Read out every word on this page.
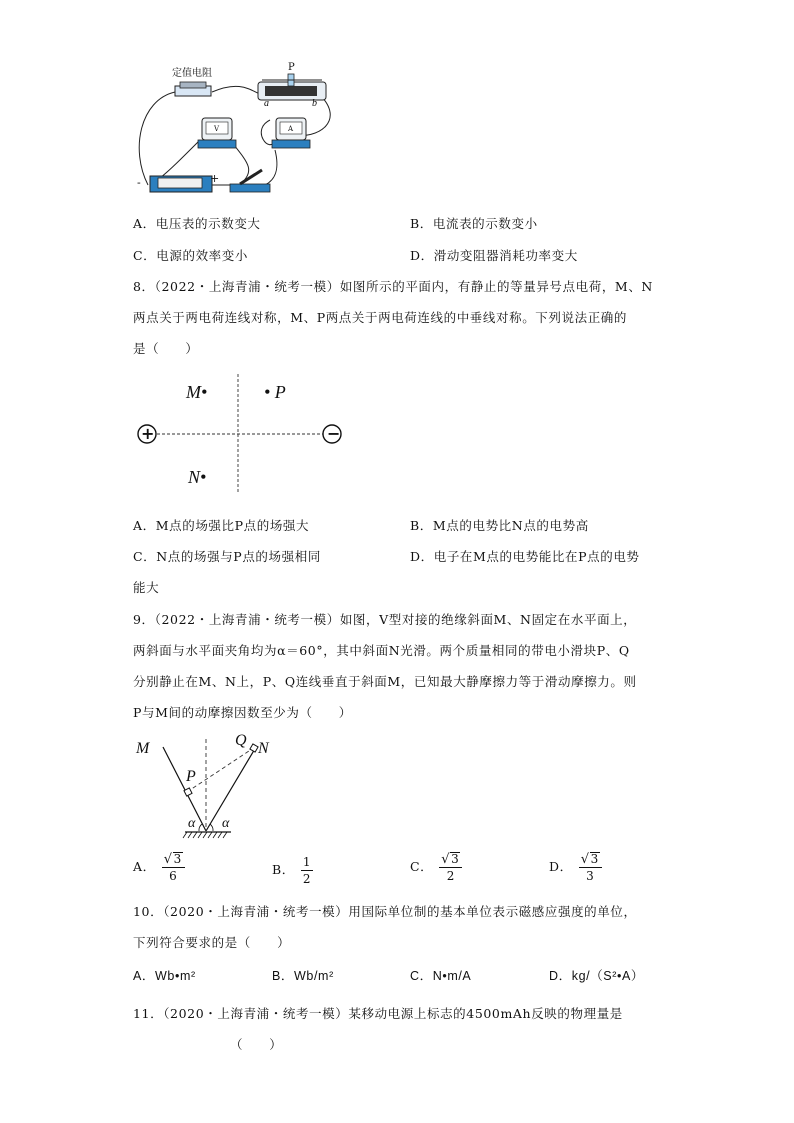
定值电阻
P
a	b
V	A
-	+
A．电压表的示数变大	B．电流表的示数变小
C．电源的效率变小	D．滑动变阻器消耗功率变大
8．（2022・上海青浦・统考一模）如图所示的平面内，有静止的等量异号点电荷，M、N
两点关于两电荷连线对称，M、P两点关于两电荷连线的中垂线对称。下列说法正确的
是（　　）
+	−
M•	• P
N•
A．M点的场强比P点的场强大	B．M点的电势比N点的电势高
C．N点的场强与P点的场强相同	D．电子在M点的电势能比在P点的电势
能大
9．（2022・上海青浦・统考一模）如图，V型对接的绝缘斜面M、N固定在水平面上，
两斜面与水平面夹角均为α＝60°，其中斜面N光滑。两个质量相同的带电小滑块P、Q
分别静止在M、N上，P、Q连线垂直于斜面M，已知最大静摩擦力等于滑动摩擦力。则
P与M间的动摩擦因数至少为（　　）
M	N
Q
P
α α
A． $\frac{√ 3}{6}$	B． $\frac{1}{2}$	C． $\frac{√ 3}{2}$	D． $\frac{√ 3}{3}$
10．（2020・上海青浦・统考一模）用国际单位制的基本单位表示磁感应强度的单位，
下列符合要求的是（　　）
A．Wb•m²	B．Wb/m²	C．N•m/A	D．kg/（S²•A）
11．（2020・上海青浦・统考一模）某移动电源上标志的4500mAh反映的物理量是
（　　）
